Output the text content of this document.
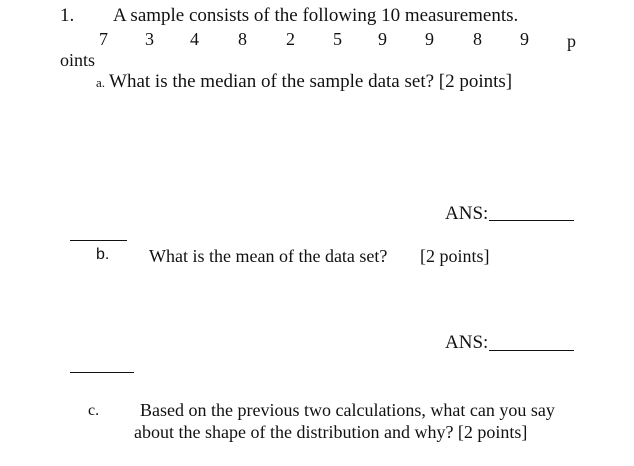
1. A sample consists of the following 10 measurements.
7 3 4 8 2 5 9 9 8 9 p
oints
a. What is the median of the sample data set? [2 points]
ANS:
b. What is the mean of the data set? [2 points]
ANS:
c. Based on the previous two calculations, what can you say
about the shape of the distribution and why? [2 points]
